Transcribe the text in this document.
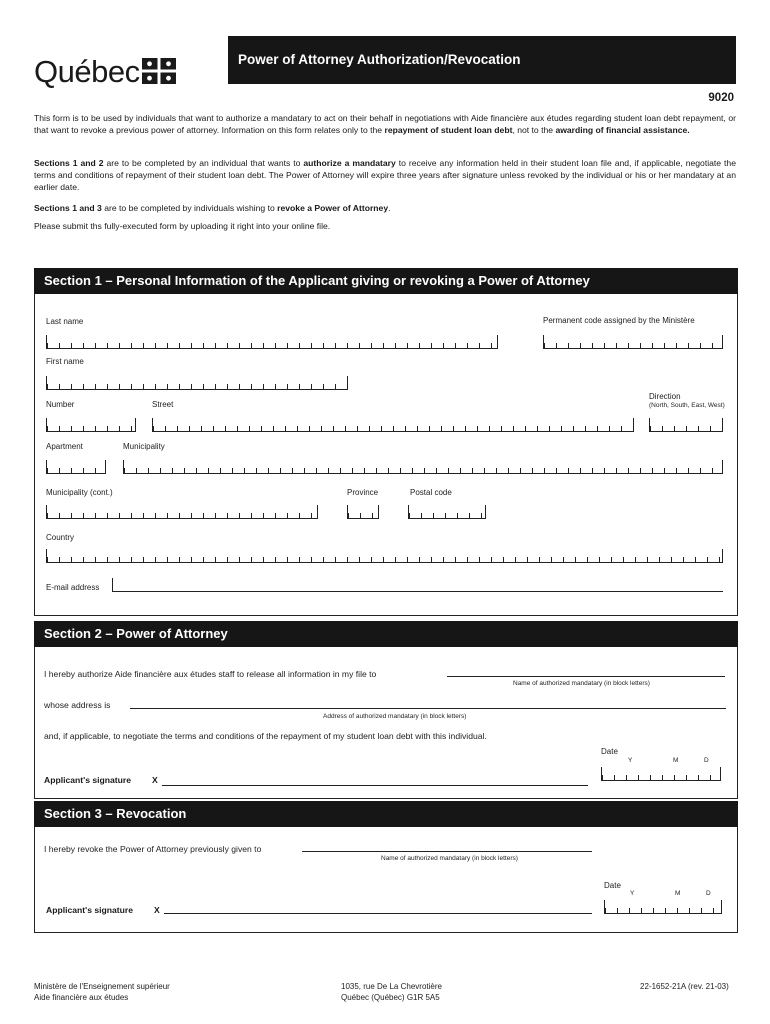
Québec	Power of Attorney Authorization/Revocation
9020
This form is to be used by individuals that want to authorize a mandatary to act on their behalf in negotiations with Aide financière aux études regarding student loan debt repayment, or that want to revoke a previous power of attorney. Information on this form relates only to the repayment of student loan debt, not to the awarding of financial assistance.
Sections 1 and 2 are to be completed by an individual that wants to authorize a mandatary to receive any information held in their student loan file and, if applicable, negotiate the terms and conditions of repayment of their student loan debt. The Power of Attorney will expire three years after signature unless revoked by the individual or his or her mandatary at an earlier date.
Sections 1 and 3 are to be completed by individuals wishing to revoke a Power of Attorney.
Please submit ths fully-executed form by uploading it right into your online file.
Section 1 – Personal Information of the Applicant giving or revoking a Power of Attorney
Last name	Permanent code assigned by the Ministère
First name
Number	Street
Direction
(North, South, East, West)
Apartment	Municipality
Municipality (cont.)	Province	Postal code
Country
E-mail address
Section 2 – Power of Attorney
I hereby authorize Aide financière aux études staff to release all information in my file to
Name of authorized mandatary (in block letters)
whose address is
Address of authorized mandatary (in block letters)
and, if applicable, to negotiate the terms and conditions of the repayment of my student loan debt with this individual.
Date
Y	M	D
Applicant's signature X
Section 3 – Revocation
I hereby revoke the Power of Attorney previously given to
Name of authorized mandatary (in block letters)
Date
Y	M	D
Applicant's signature X
Ministère de l'Enseignement supérieur
Aide financière aux études
1035, rue De La Chevrotière
Québec (Québec) G1R 5A5
22-1652-21A (rev. 21-03)
